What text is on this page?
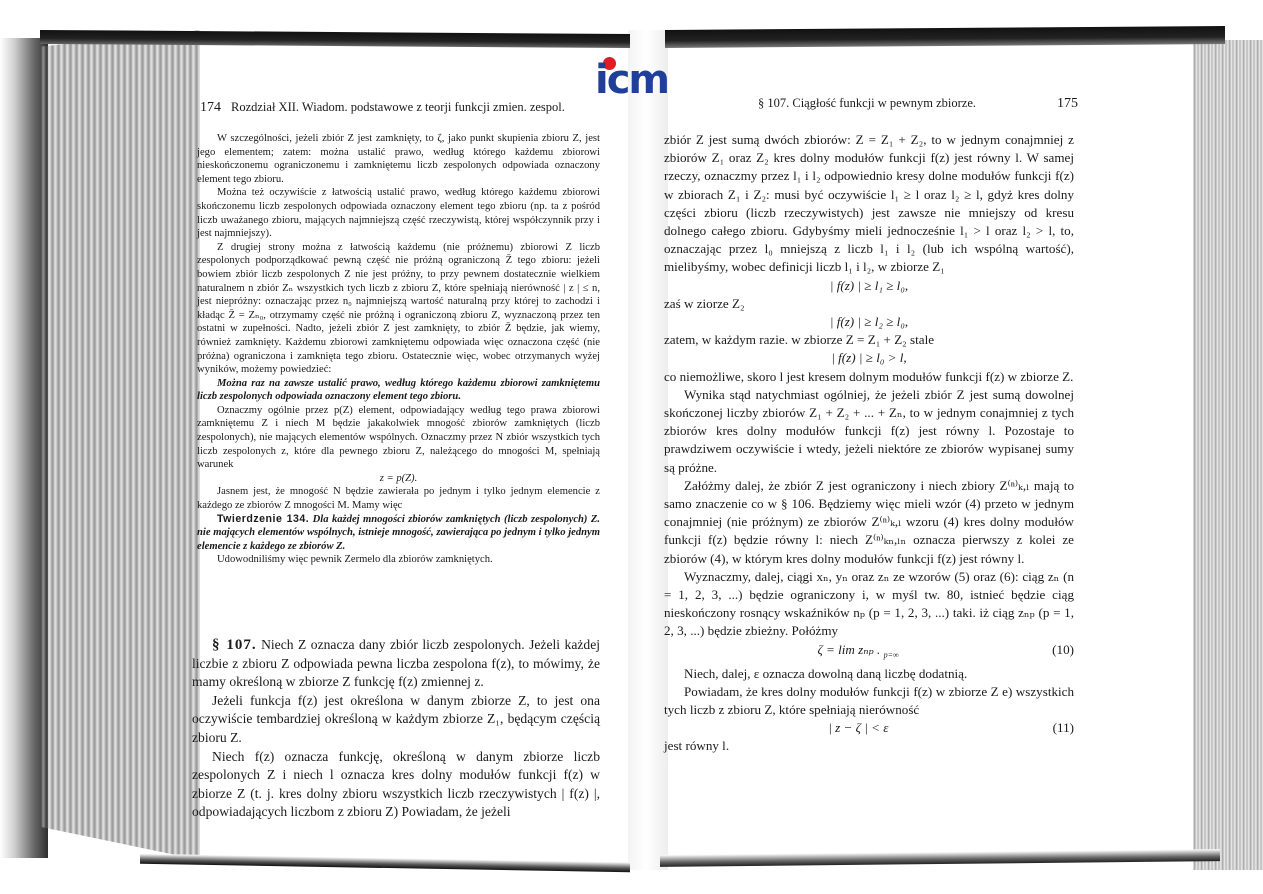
icm
174 Rozdział XII. Wiadom. podstawowe z teorji funkcji zmien. zespol.

W szczególności, jeżeli zbiór Z jest zamknięty, to ζ, jako punkt skupienia zbioru Z, jest jego elementem; zatem: można ustalić prawo, według którego każdemu zbiorowi nieskończonemu ograniczonemu i zamkniętemu liczb zespolonych odpowiada oznaczony element tego zbioru.

Można też oczywiście z łatwością ustalić prawo, według którego każdemu zbiorowi skończonemu liczb zespolonych odpowiada oznaczony element tego zbioru (np. ta z pośród liczb uważanego zbioru, mających najmniejszą część rzeczywistą, której współczynnik przy i jest najmniejszy).

Z drugiej strony można z łatwością każdemu (nie próżnemu) zbiorowi Z liczb zespolonych podporządkować pewną część nie próżną ograniczoną Z̄ tego zbioru: jeżeli bowiem zbiór liczb zespolonych Z nie jest próżny, to przy pewnem dostatecznie wielkiem naturalnem n zbiór Zₙ wszystkich tych liczb z zbioru Z, które spełniają nierówność | z | ≤ n, jest niepróżny: oznaczając przez n₀ najmniejszą wartość naturalną przy której to zachodzi i kładąc Z̄ = Zₙ₀, otrzymamy część nie próżną i ograniczoną zbioru Z, wyznaczoną przez ten ostatni w zupełności. Nadto, jeżeli zbiór Z jest zamknięty, to zbiór Z̄ będzie, jak wiemy, również zamknięty. Każdemu zbiorowi zamkniętemu odpowiada więc oznaczona część (nie próżna) ograniczona i zamknięta tego zbioru. Ostatecznie więc, wobec otrzymanych wyżej wyników, możemy powiedzieć:

Można raz na zawsze ustalić prawo, według którego każdemu zbiorowi zamkniętemu liczb zespolonych odpowiada oznaczony element tego zbioru.

Oznaczmy ogólnie przez p(Z) element, odpowiadający według tego prawa zbiorowi zamkniętemu Z i niech M będzie jakakolwiek mnogość zbiorów zamkniętych (liczb zespolonych), nie mających elementów wspólnych. Oznaczmy przez N zbiór wszystkich tych liczb zespolonych z, które dla pewnego zbioru Z, należącego do mnogości M, spełniają warunek

z = p(Z).

Jasnem jest, że mnogość N będzie zawierała po jednym i tylko jednym elemencie z każdego ze zbiorów Z mnogości M. Mamy więc

Twierdzenie 134. Dla każdej mnogości zbiorów zamkniętych (liczb zespolonych) Z. nie mających elementów wspólnych, istnieje mnogość, zawierająca po jednym i tylko jednym elemencie z każdego ze zbiorów Z.

Udowodniliśmy więc pewnik Zermelo dla zbiorów zamkniętych.

§ 107. Niech Z oznacza dany zbiór liczb zespolonych. Jeżeli każdej liczbie z zbioru Z odpowiada pewna liczba zespolona f(z), to mówimy, że mamy określoną w zbiorze Z funkcję f(z) zmiennej z.

Jeżeli funkcja f(z) jest określona w danym zbiorze Z, to jest ona oczywiście tembardziej określoną w każdym zbiorze Z₁, będącym częścią zbioru Z.

Niech f(z) oznacza funkcję, określoną w danym zbiorze liczb zespolonych Z i niech l oznacza kres dolny modułów funkcji f(z) w zbiorze Z (t. j. kres dolny zbioru wszystkich liczb rzeczywistych | f(z) |, odpowiadających liczbom z zbioru Z) Powiadam, że jeżeli

§ 107. Ciągłość funkcji w pewnym zbiorze.	175

zbiór Z jest sumą dwóch zbiorów: Z = Z₁ + Z₂, to w jednym conajmniej z zbiorów Z₁ oraz Z₂ kres dolny modułów funkcji f(z) jest równy l. W samej rzeczy, oznaczmy przez l₁ i l₂ odpowiednio kresy dolne modułów funkcji f(z) w zbiorach Z₁ i Z₂: musi być oczywiście l₁ ≥ l oraz l₂ ≥ l, gdyż kres dolny części zbioru (liczb rzeczywistych) jest zawsze nie mniejszy od kresu dolnego całego zbioru. Gdybyśmy mieli jednocześnie l₁ > l oraz l₂ > l, to, oznaczając przez l₀ mniejszą z liczb l₁ i l₂ (lub ich wspólną wartość), mielibyśmy, wobec definicji liczb l₁ i l₂, w zbiorze Z₁

| f(z) | ≥ l₁ ≥ l₀,

zaś w ziorze Z₂

| f(z) | ≥ l₂ ≥ l₀,

zatem, w każdym razie. w zbiorze Z = Z₁ + Z₂ stale

| f(z) | ≥ l₀ > l,

co niemożliwe, skoro l jest kresem dolnym modułów funkcji f(z) w zbiorze Z.

Wynika stąd natychmiast ogólniej, że jeżeli zbiór Z jest sumą dowolnej skończonej liczby zbiorów Z₁ + Z₂ + ... + Zₙ, to w jednym conajmniej z tych zbiorów kres dolny modułów funkcji f(z) jest równy l. Pozostaje to prawdziwem oczywiście i wtedy, jeżeli niektóre ze zbiorów wypisanej sumy są próżne.

Załóżmy dalej, że zbiór Z jest ograniczony i niech zbiory Z⁽ⁿ⁾ₖ,ₗ mają to samo znaczenie co w § 106. Będziemy więc mieli wzór (4) przeto w jednym conajmniej (nie próżnym) ze zbiorów Z⁽ⁿ⁾ₖ,ₗ wzoru (4) kres dolny modułów funkcji f(z) będzie równy l: niech Z⁽ⁿ⁾ₖₙ,ₗₙ oznacza pierwszy z kolei ze zbiorów (4), w którym kres dolny modułów funkcji f(z) jest równy l.

Wyznaczmy, dalej, ciągi xₙ, yₙ oraz zₙ ze wzorów (5) oraz (6): ciąg zₙ (n = 1, 2, 3, ...) będzie ograniczony i, w myśl tw. 80, istnieć będzie ciąg nieskończony rosnący wskaźników nₚ (p = 1, 2, 3, ...) taki. iż ciąg zₙₚ (p = 1, 2, 3, ...) będzie zbieżny. Połóżmy

ζ = lim zₙₚ . $_{p=\infty}$	(10)

Niech, dalej, ε oznacza dowolną daną liczbę dodatnią.

Powiadam, że kres dolny modułów funkcji f(z) w zbiorze Z e) wszystkich tych liczb z zbioru Z, które spełniają nierówność

| z − ζ | < ε	(11)

jest równy l.
